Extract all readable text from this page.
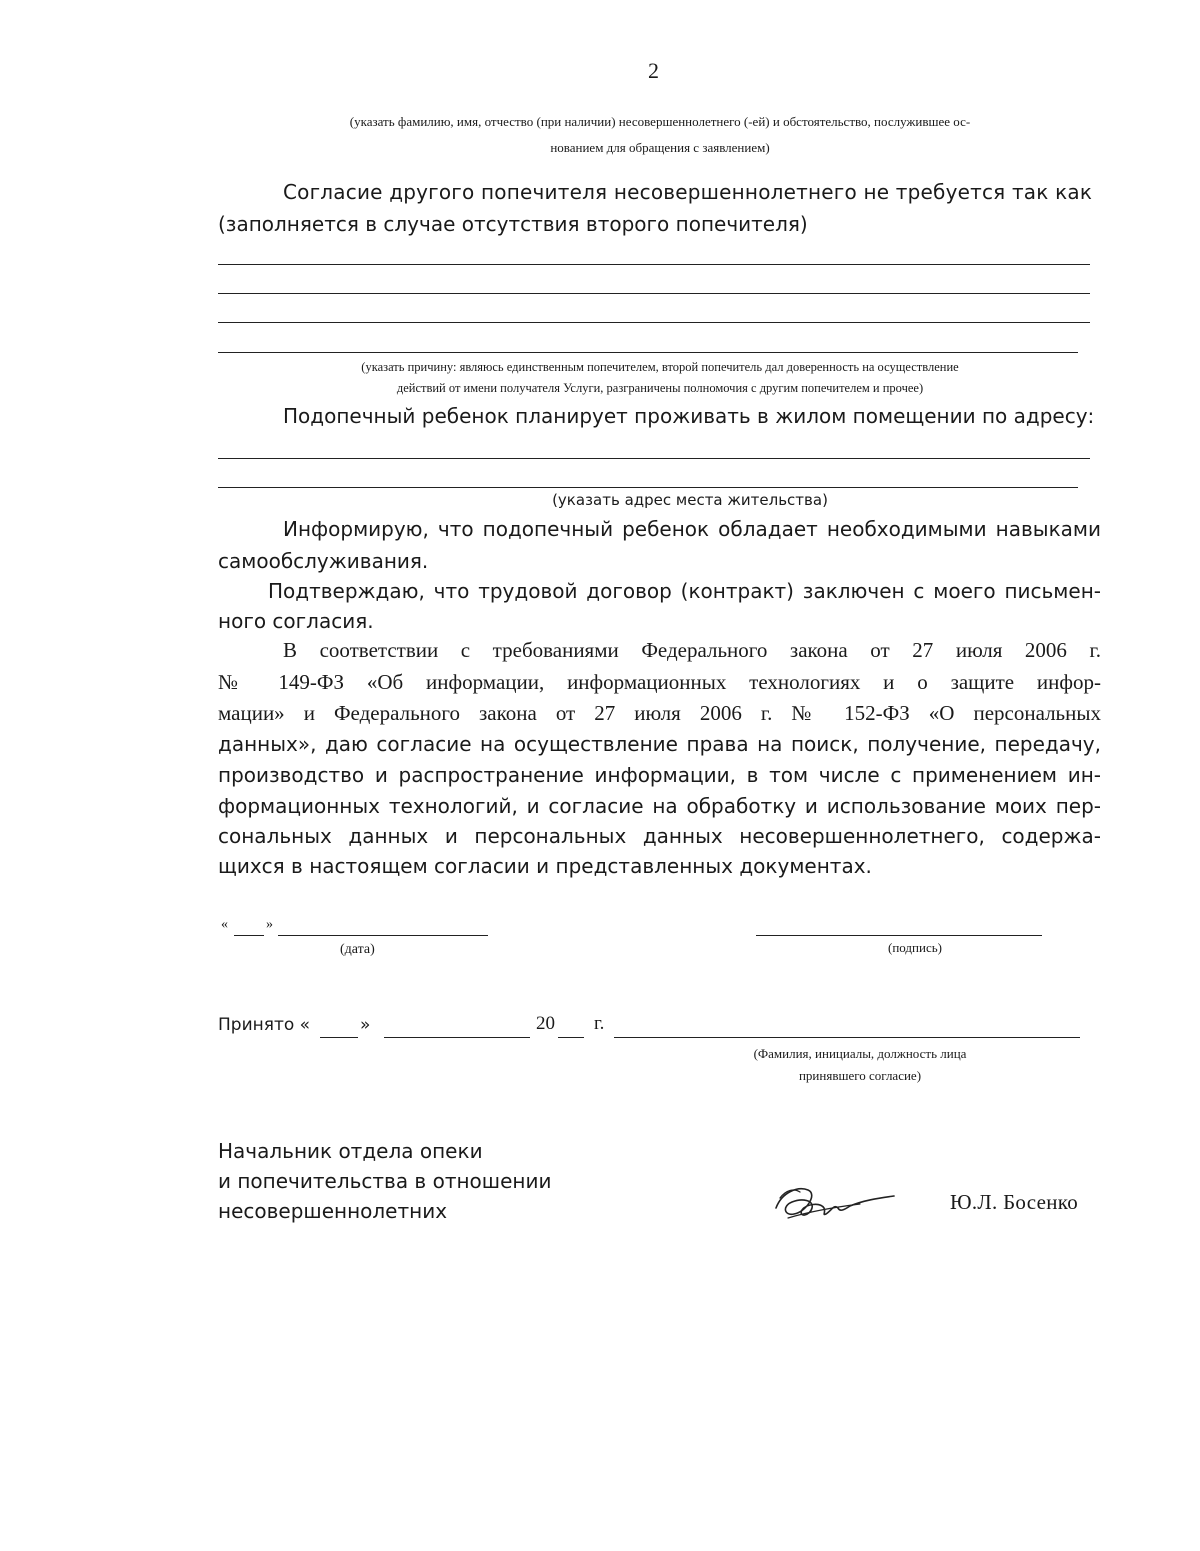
2
(указать фамилию, имя, отчество (при наличии) несовершеннолетнего (-ей) и обстоятельство, послужившее ос-
нованием для обращения с заявлением)
Согласие другого попечителя несовершеннолетнего не требуется так как
(заполняется в случае отсутствия второго попечителя)
(указать причину: являюсь единственным попечителем, второй попечитель дал доверенность на осуществление
действий от имени получателя Услуги, разграничены полномочия с другим попечителем и прочее)
Подопечный ребенок планирует проживать в жилом помещении по адресу:
(указать адрес места жительства)
Информирую, что подопечный ребенок обладает необходимыми навыками
самообслуживания.
Подтверждаю, что трудовой договор (контракт) заключен с моего письмен-
ного согласия.
В соответствии с требованиями Федерального закона от 27 июля 2006 г.
№ 149-ФЗ «Об информации, информационных технологиях и о защите инфор-
мации» и Федерального закона от 27 июля 2006 г. № 152-ФЗ «О персональных
данных», даю согласие на осуществление права на поиск, получение, передачу,
производство и распространение информации, в том числе с применением ин-
формационных технологий, и согласие на обработку и использование моих пер-
сональных данных и персональных данных несовершеннолетнего, содержа-
щихся в настоящем согласии и представленных документах.
«	»
(дата)	(подпись)
Принято «	»	20 г.
(Фамилия, инициалы, должность лица
принявшего согласие)
Начальник отдела опеки
и попечительства в отношении
несовершеннолетних	Ю.Л. Босенко
